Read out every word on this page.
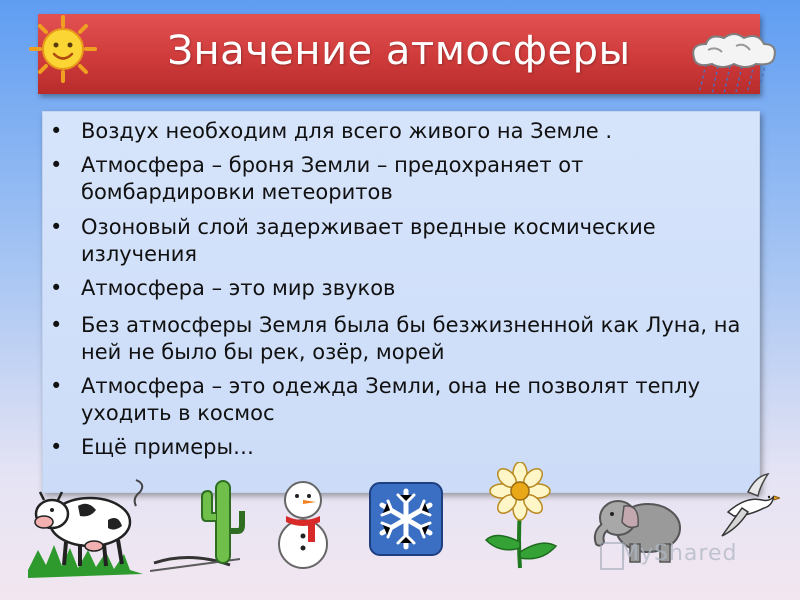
Значение атмосферы
• Воздух необходим для всего живого на Земле .
• Атмосфера – броня Земли – предохраняет от бомбардировки метеоритов
• Озоновый слой задерживает вредные космические излучения
• Атмосфера – это мир звуков
• Без атмосферы Земля была бы безжизненной как Луна, на ней не было бы рек, озёр, морей
• Атмосфера – это одежда Земли, она не позволят теплу уходить в космос
• Ещё примеры…
MyShared
